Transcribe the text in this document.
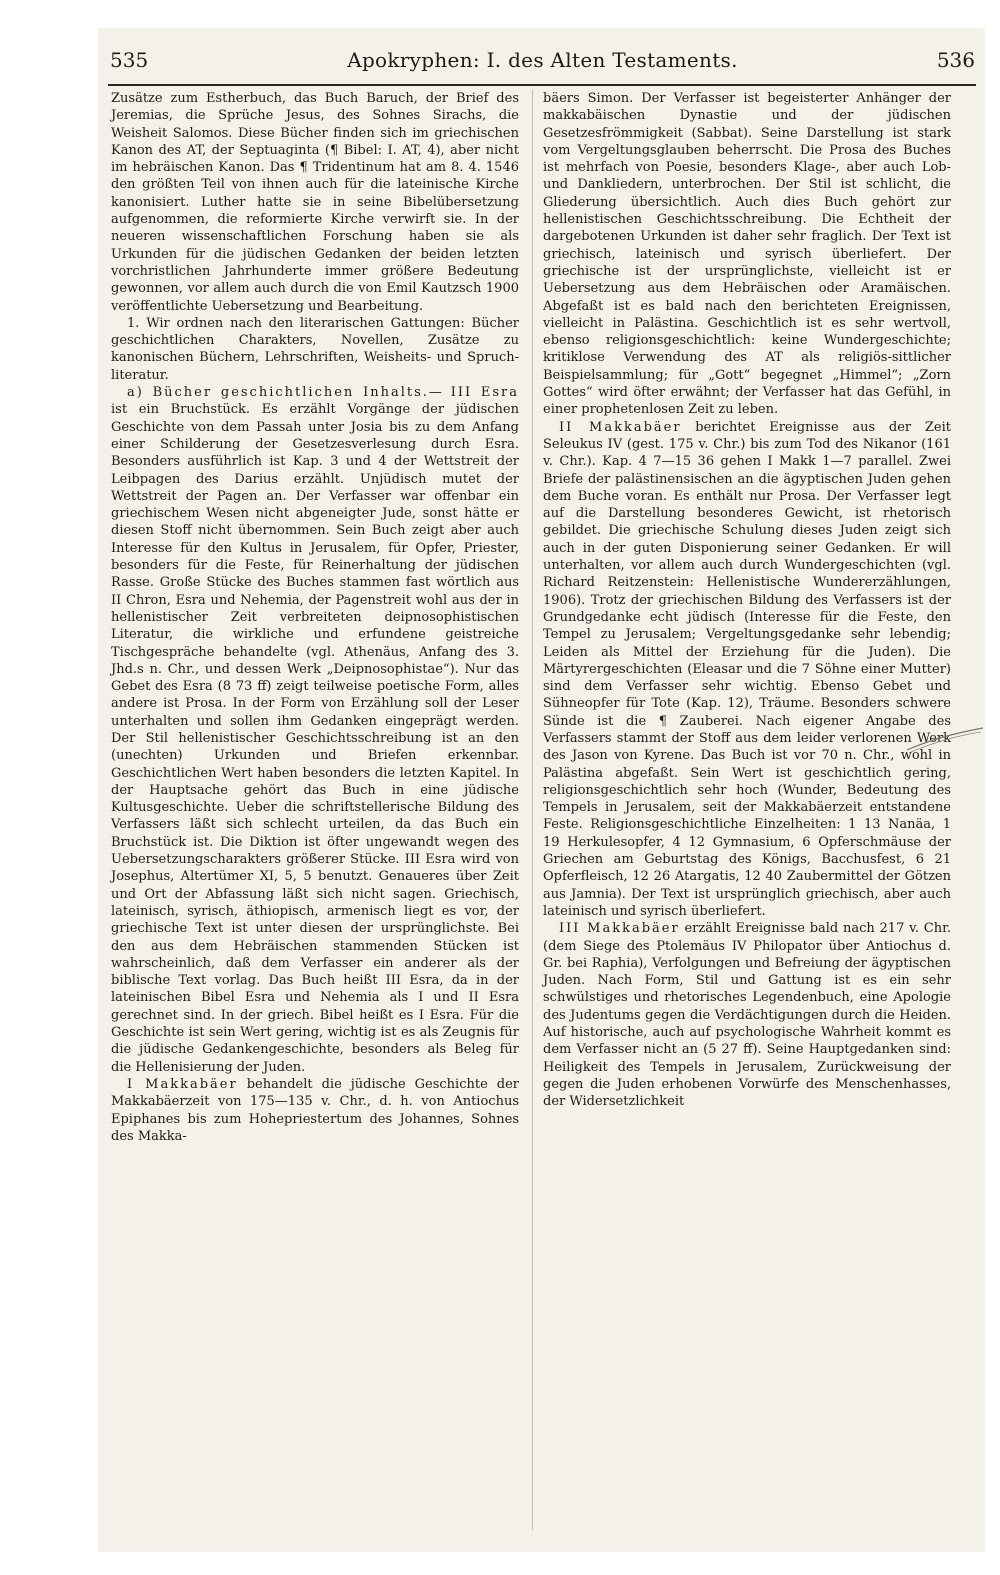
535	Apokryphen: I. des Alten Testaments.	536

Zusätze zum Estherbuch, das Buch Baruch, der Brief des Jeremias, die Sprüche Jesus, des Sohnes Sirachs, die Weisheit Salomos. Diese Bücher finden sich im griechischen Kanon des AT, der Septuaginta (¶ Bibel: I. AT, 4), aber nicht im hebräischen Kanon. Das ¶ Tridentinum hat am 8. 4. 1546 den größten Teil von ihnen auch für die lateinische Kirche kanonisiert. Luther hatte sie in seine Bibelübersetzung aufgenommen, die reformierte Kirche verwirft sie. In der neueren wissenschaftlichen Forschung haben sie als Urkunden für die jüdischen Gedanken der beiden letzten vorchristlichen Jahrhunderte immer größere Bedeutung gewonnen, vor allem auch durch die von Emil Kautzsch 1900 veröffentlichte Uebersetzung und Bearbeitung.

1. Wir ordnen nach den literarischen Gattungen: Bücher geschichtlichen Charakters, Novellen, Zusätze zu kanonischen Büchern, Lehrschriften, Weisheits- und Spruch-literatur.

a) Bücher geschichtlichen Inhalts.— III Esra ist ein Bruchstück. Es erzählt Vorgänge der jüdischen Geschichte von dem Passah unter Josia bis zu dem Anfang einer Schilderung der Gesetzesverlesung durch Esra. Besonders ausführlich ist Kap. 3 und 4 der Wettstreit der Leibpagen des Darius erzählt. Unjüdisch mutet der Wettstreit der Pagen an. Der Verfasser war offenbar ein griechischem Wesen nicht abgeneigter Jude, sonst hätte er diesen Stoff nicht übernommen. Sein Buch zeigt aber auch Interesse für den Kultus in Jerusalem, für Opfer, Priester, besonders für die Feste, für Reinerhaltung der jüdischen Rasse. Große Stücke des Buches stammen fast wörtlich aus II Chron, Esra und Nehemia, der Pagenstreit wohl aus der in hellenistischer Zeit verbreiteten deipnosophistischen Literatur, die wirkliche und erfundene geistreiche Tischgespräche behandelte (vgl. Athenäus, Anfang des 3. Jhd.s n. Chr., und dessen Werk „Deipnosophistae“). Nur das Gebet des Esra (8 73 ff) zeigt teilweise poetische Form, alles andere ist Prosa. In der Form von Erzählung soll der Leser unterhalten und sollen ihm Gedanken eingeprägt werden. Der Stil hellenistischer Geschichtsschreibung ist an den (unechten) Urkunden und Briefen erkennbar. Geschichtlichen Wert haben besonders die letzten Kapitel. In der Hauptsache gehört das Buch in eine jüdische Kultusgeschichte. Ueber die schriftstellerische Bildung des Verfassers läßt sich schlecht urteilen, da das Buch ein Bruchstück ist. Die Diktion ist öfter ungewandt wegen des Uebersetzungscharakters größerer Stücke. III Esra wird von Josephus, Altertümer XI, 5, 5 benutzt. Genaueres über Zeit und Ort der Abfassung läßt sich nicht sagen. Griechisch, lateinisch, syrisch, äthiopisch, armenisch liegt es vor, der griechische Text ist unter diesen der ursprünglichste. Bei den aus dem Hebräischen stammenden Stücken ist wahrscheinlich, daß dem Verfasser ein anderer als der biblische Text vorlag. Das Buch heißt III Esra, da in der lateinischen Bibel Esra und Nehemia als I und II Esra gerechnet sind. In der griech. Bibel heißt es I Esra. Für die Geschichte ist sein Wert gering, wichtig ist es als Zeugnis für die jüdische Gedankengeschichte, besonders als Beleg für die Hellenisierung der Juden.

I Makkabäer behandelt die jüdische Geschichte der Makkabäerzeit von 175—135 v. Chr., d. h. von Antiochus Epiphanes bis zum Hohepriestertum des Johannes, Sohnes des Makka-

bäers Simon. Der Verfasser ist begeisterter Anhänger der makkabäischen Dynastie und der jüdischen Gesetzesfrömmigkeit (Sabbat). Seine Darstellung ist stark vom Vergeltungsglauben beherrscht. Die Prosa des Buches ist mehrfach von Poesie, besonders Klage-, aber auch Lob- und Dankliedern, unterbrochen. Der Stil ist schlicht, die Gliederung übersichtlich. Auch dies Buch gehört zur hellenistischen Geschichtsschreibung. Die Echtheit der dargebotenen Urkunden ist daher sehr fraglich. Der Text ist griechisch, lateinisch und syrisch überliefert. Der griechische ist der ursprünglichste, vielleicht ist er Uebersetzung aus dem Hebräischen oder Aramäischen. Abgefaßt ist es bald nach den berichteten Ereignissen, vielleicht in Palästina. Geschichtlich ist es sehr wertvoll, ebenso religionsgeschichtlich: keine Wundergeschichte; kritiklose Verwendung des AT als religiös-sittlicher Beispielsammlung; für „Gott“ begegnet „Himmel“; „Zorn Gottes“ wird öfter erwähnt; der Verfasser hat das Gefühl, in einer prophetenlosen Zeit zu leben.

II Makkabäer berichtet Ereignisse aus der Zeit Seleukus IV (gest. 175 v. Chr.) bis zum Tod des Nikanor (161 v. Chr.). Kap. 4 7—15 36 gehen I Makk 1—7 parallel. Zwei Briefe der palästinensischen an die ägyptischen Juden gehen dem Buche voran. Es enthält nur Prosa. Der Verfasser legt auf die Darstellung besonderes Gewicht, ist rhetorisch gebildet. Die griechische Schulung dieses Juden zeigt sich auch in der guten Disponierung seiner Gedanken. Er will unterhalten, vor allem auch durch Wundergeschichten (vgl. Richard Reitzenstein: Hellenistische Wundererzählungen, 1906). Trotz der griechischen Bildung des Verfassers ist der Grundgedanke echt jüdisch (Interesse für die Feste, den Tempel zu Jerusalem; Vergeltungsgedanke sehr lebendig; Leiden als Mittel der Erziehung für die Juden). Die Märtyrergeschichten (Eleasar und die 7 Söhne einer Mutter) sind dem Verfasser sehr wichtig. Ebenso Gebet und Sühneopfer für Tote (Kap. 12), Träume. Besonders schwere Sünde ist die ¶ Zauberei. Nach eigener Angabe des Verfassers stammt der Stoff aus dem leider verlorenen Werk des Jason von Kyrene. Das Buch ist vor 70 n. Chr., wohl in Palästina abgefaßt. Sein Wert ist geschichtlich gering, religionsgeschichtlich sehr hoch (Wunder, Bedeutung des Tempels in Jerusalem, seit der Makkabäerzeit entstandene Feste. Religionsgeschichtliche Einzelheiten: 1 13 Nanäa, 1 19 Herkulesopfer, 4 12 Gymnasium, 6 Opferschmäuse der Griechen am Geburtstag des Königs, Bacchusfest, 6 21 Opferfleisch, 12 26 Atargatis, 12 40 Zaubermittel der Götzen aus Jamnia). Der Text ist ursprünglich griechisch, aber auch lateinisch und syrisch überliefert.

III Makkabäer erzählt Ereignisse bald nach 217 v. Chr. (dem Siege des Ptolemäus IV Philopator über Antiochus d. Gr. bei Raphia), Verfolgungen und Befreiung der ägyptischen Juden. Nach Form, Stil und Gattung ist es ein sehr schwülstiges und rhetorisches Legendenbuch, eine Apologie des Judentums gegen die Verdächtigungen durch die Heiden. Auf historische, auch auf psychologische Wahrheit kommt es dem Verfasser nicht an (5 27 ff). Seine Hauptgedanken sind: Heiligkeit des Tempels in Jerusalem, Zurückweisung der gegen die Juden erhobenen Vorwürfe des Menschenhasses, der Widersetzlichkeit
